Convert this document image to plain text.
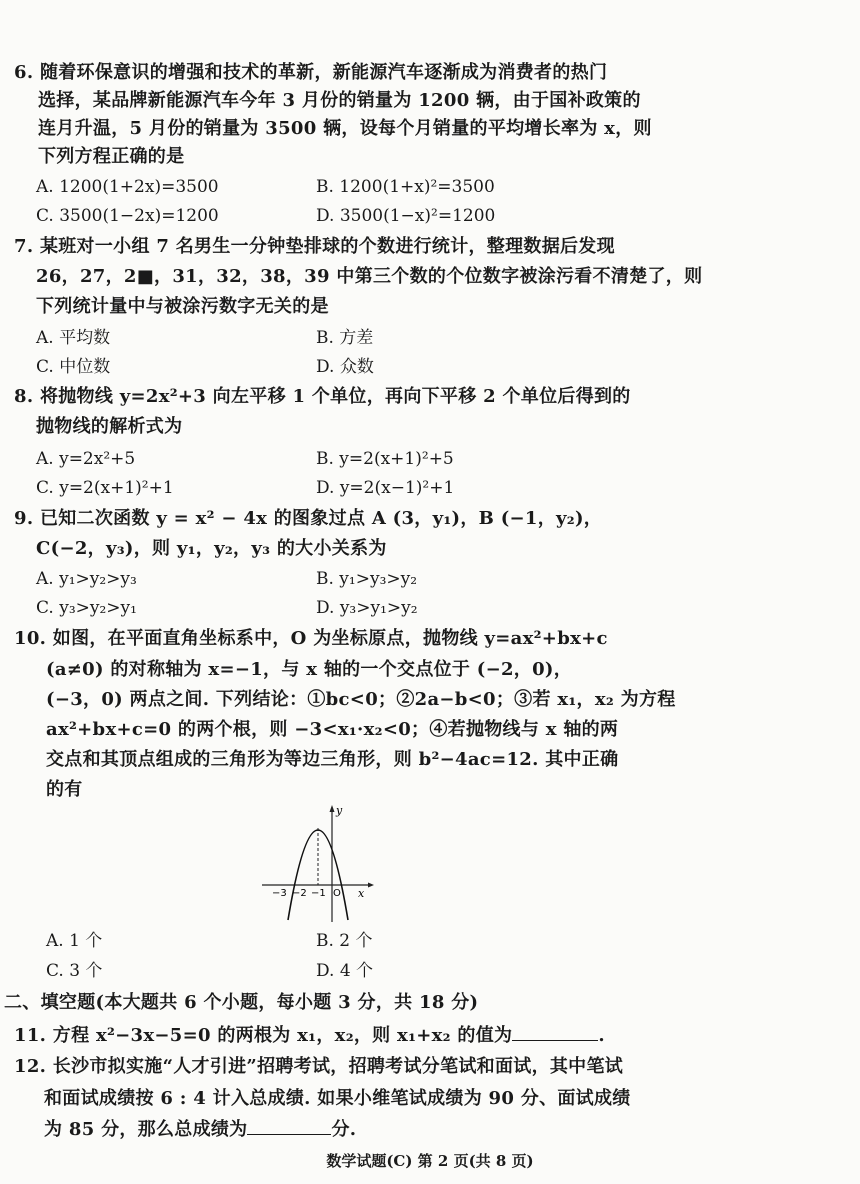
6. 随着环保意识的增强和技术的革新，新能源汽车逐渐成为消费者的热门
选择，某品牌新能源汽车今年 3 月份的销量为 1200 辆，由于国补政策的
连月升温，5 月份的销量为 3500 辆，设每个月销量的平均增长率为 x，则
下列方程正确的是
A. 1200(1+2x)=3500	B. 1200(1+x)²=3500
C. 3500(1−2x)=1200	D. 3500(1−x)²=1200
7. 某班对一小组 7 名男生一分钟垫排球的个数进行统计，整理数据后发现
26，27，2■，31，32，38，39 中第三个数的个位数字被涂污看不清楚了，则
下列统计量中与被涂污数字无关的是
A. 平均数	B. 方差
C. 中位数	D. 众数
8. 将抛物线 y=2x²+3 向左平移 1 个单位，再向下平移 2 个单位后得到的
抛物线的解析式为
A. y=2x²+5	B. y=2(x+1)²+5
C. y=2(x+1)²+1	D. y=2(x−1)²+1
9. 已知二次函数 y = x² − 4x 的图象过点 A (3，y₁)，B (−1，y₂)，
C(−2，y₃)，则 y₁，y₂，y₃ 的大小关系为
A. y₁>y₂>y₃	B. y₁>y₃>y₂
C. y₃>y₂>y₁	D. y₃>y₁>y₂
10. 如图，在平面直角坐标系中，O 为坐标原点，抛物线 y=ax²+bx+c
(a≠0) 的对称轴为 x=−1，与 x 轴的一个交点位于 (−2，0)，
(−3，0) 两点之间. 下列结论：①bc<0；②2a−b<0；③若 x₁，x₂ 为方程
ax²+bx+c=0 的两个根，则 −3<x₁·x₂<0；④若抛物线与 x 轴的两
交点和其顶点组成的三角形为等边三角形，则 b²−4ac=12. 其中正确
的有
x
y
−3 −2 −1 O
A. 1 个	B. 2 个
C. 3 个	D. 4 个
二、填空题(本大题共 6 个小题，每小题 3 分，共 18 分)
11. 方程 x²−3x−5=0 的两根为 x₁，x₂，则 x₁+x₂ 的值为	.
12. 长沙市拟实施“人才引进”招聘考试，招聘考试分笔试和面试，其中笔试
和面试成绩按 6 : 4 计入总成绩. 如果小维笔试成绩为 90 分、面试成绩
为 85 分，那么总成绩为	分.
数学试题(C) 第 2 页(共 8 页)
